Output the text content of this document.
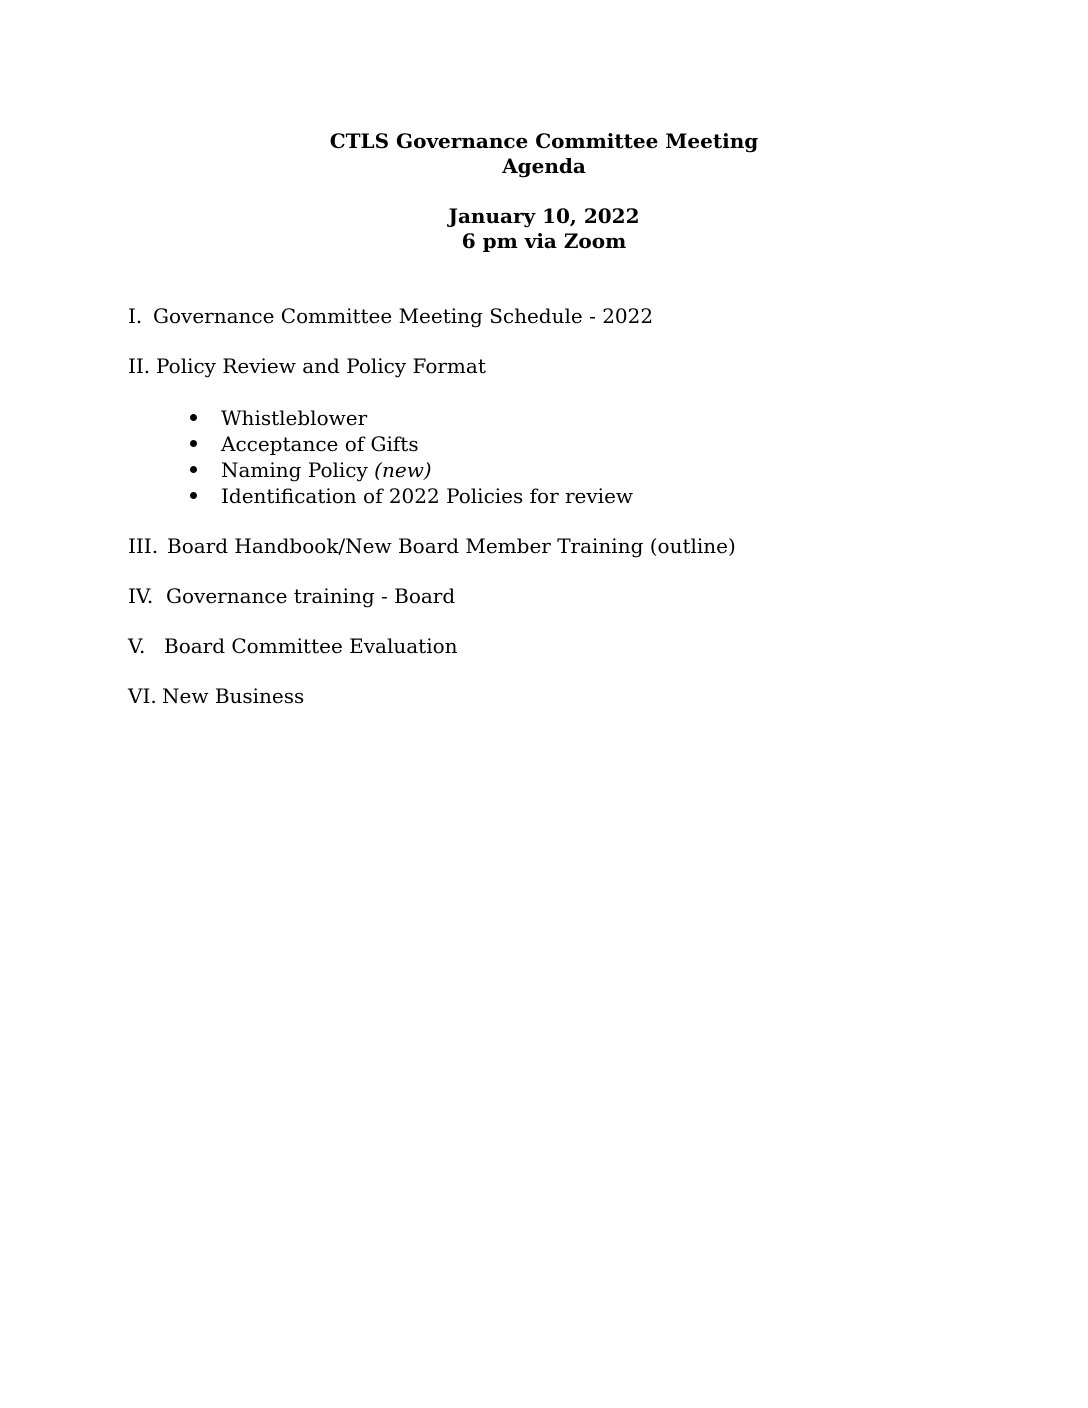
CTLS Governance Committee Meeting
Agenda
January 10, 2022
6 pm via Zoom
I. Governance Committee Meeting Schedule - 2022
II. Policy Review and Policy Format
Whistleblower
Acceptance of Gifts
Naming Policy (new)
Identification of 2022 Policies for review
III. Board Handbook/New Board Member Training (outline)
IV. Governance training - Board
V. Board Committee Evaluation
VI. New Business
